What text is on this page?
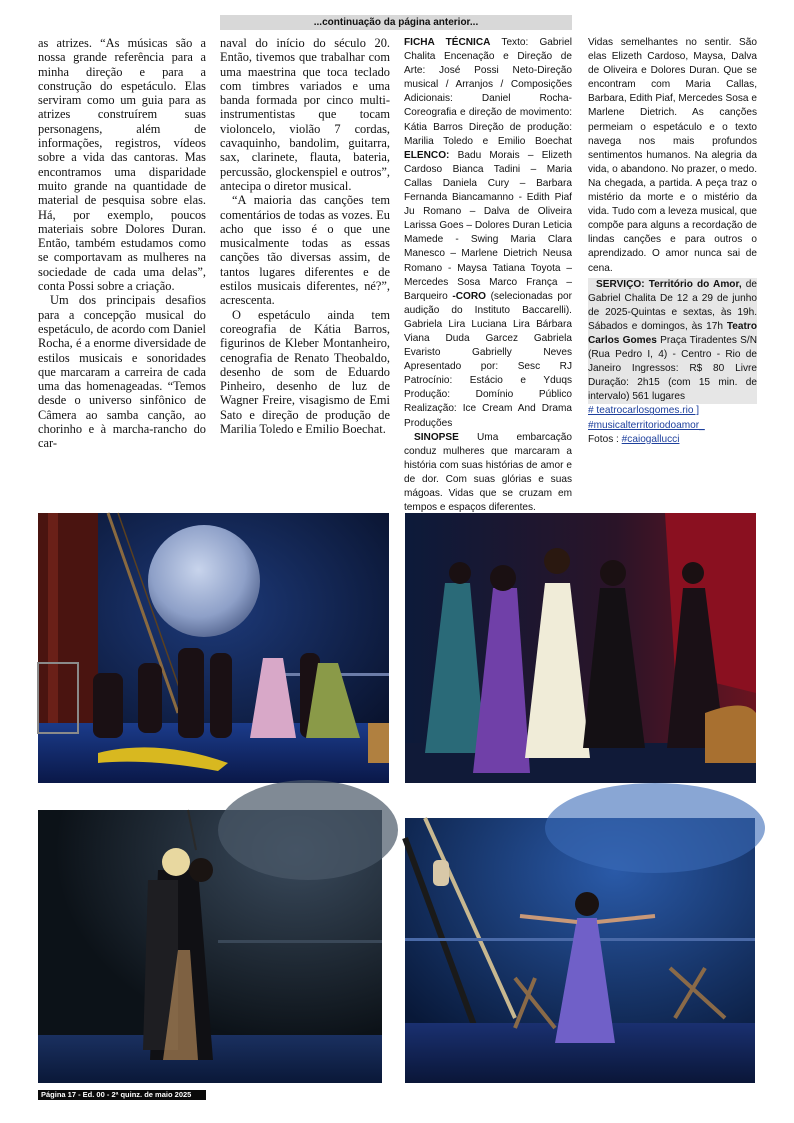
...continuação da página anterior...

as atrizes. “As músicas são a nossa grande referência para a minha direção e para a construção do espetáculo. Elas serviram como um guia para as atrizes construírem suas personagens, além de informações, registros, vídeos sobre a vida das cantoras. Mas encontramos uma disparidade muito grande na quantidade de material de pesquisa sobre elas. Há, por exemplo, poucos materiais sobre Dolores Duran. Então, também estudamos como se comportavam as mulheres na sociedade de cada uma delas”, conta Possi sobre a criação.

Um dos principais desafios para a concepção musical do espetáculo, de acordo com Daniel Rocha, é a enorme diversidade de estilos musicais e sonoridades que marcaram a carreira de cada uma das homenageadas. “Temos desde o universo sinfônico de Câmera ao samba canção, ao chorinho e à marcha-rancho do car-

naval do início do século 20. Então, tivemos que trabalhar com uma maestrina que toca teclado com timbres variados e uma banda formada por cinco multi-instrumentistas que tocam violoncelo, violão 7 cordas, cavaquinho, bandolim, guitarra, sax, clarinete, flauta, bateria, percussão, glockenspiel e outros”, antecipa o diretor musical.

“A maioria das canções tem comentários de todas as vozes. Eu acho que isso é o que une musicalmente todas as essas canções tão diversas assim, de tantos lugares diferentes e de estilos musicais diferentes, né?”, acrescenta.

O espetáculo ainda tem coreografia de Kátia Barros, figurinos de Kleber Montanheiro, cenografia de Renato Theobaldo, desenho de som de Eduardo Pinheiro, desenho de luz de Wagner Freire, visagismo de Emi Sato e direção de produção de Marilia Toledo e Emilio Boechat.

FICHA TÉCNICA Texto: Gabriel Chalita Encenação e Direção de Arte: José Possi Neto-Direção musical / Arranjos / Composições Adicionais: Daniel Rocha-Coreografia e direção de movimento: Kátia Barros Direção de produção: Marilia Toledo e Emilio Boechat ELENCO: Badu Morais – Elizeth Cardoso Bianca Tadini – Maria Callas Daniela Cury – Barbara Fernanda Biancamanno - Edith Piaf Ju Romano – Dalva de Oliveira Larissa Goes – Dolores Duran Leticia Mamede - Swing Maria Clara Manesco – Marlene Dietrich Neusa Romano - Maysa Tatiana Toyota – Mercedes Sosa Marco França – Barqueiro -CORO (selecionadas por audição do Instituto Baccarelli). Gabriela Lira Luciana Lira Bárbara Viana Duda Garcez Gabriela Evaristo Gabrielly Neves Apresentado por: Sesc RJ Patrocínio: Estácio e Yduqs Produção: Domínio Público Realização: Ice Cream And Drama Produções

SINOPSE Uma embarcação conduz mulheres que marcaram a história com suas histórias de amor e de dor. Com suas glórias e suas mágoas. Vidas que se cruzam em tempos e espaços diferentes.

Vidas semelhantes no sentir. São elas Elizeth Cardoso, Maysa, Dalva de Oliveira e Dolores Duran. Que se encontram com Maria Callas, Barbara, Edith Piaf, Mercedes Sosa e Marlene Dietrich. As canções permeiam o espetáculo e o texto navega nos mais profundos sentimentos humanos. Na alegria da vida, o abandono. No prazer, o medo. Na chegada, a partida. A peça traz o mistério da morte e o mistério da vida. Tudo com a leveza musical, que compõe para alguns a recordação de lindas canções e para outros o aprendizado. O amor nunca sai de cena.

SERVIÇO: Território do Amor, de Gabriel Chalita De 12 a 29 de junho de 2025-Quintas e sextas, às 19h. Sábados e domingos, às 17h Teatro Carlos Gomes Praça Tiradentes S/N (Rua Pedro I, 4) - Centro - Rio de Janeiro Ingressos: R$ 80 Livre Duração: 2h15 (com 15 min. de intervalo) 561 lugares

# teatrocarlosgomes.rio ]
#musicalterritoriodoamor_

Fotos : #caiogallucci

Página 17 - Ed. 00 - 2ª quinz. de maio 2025
